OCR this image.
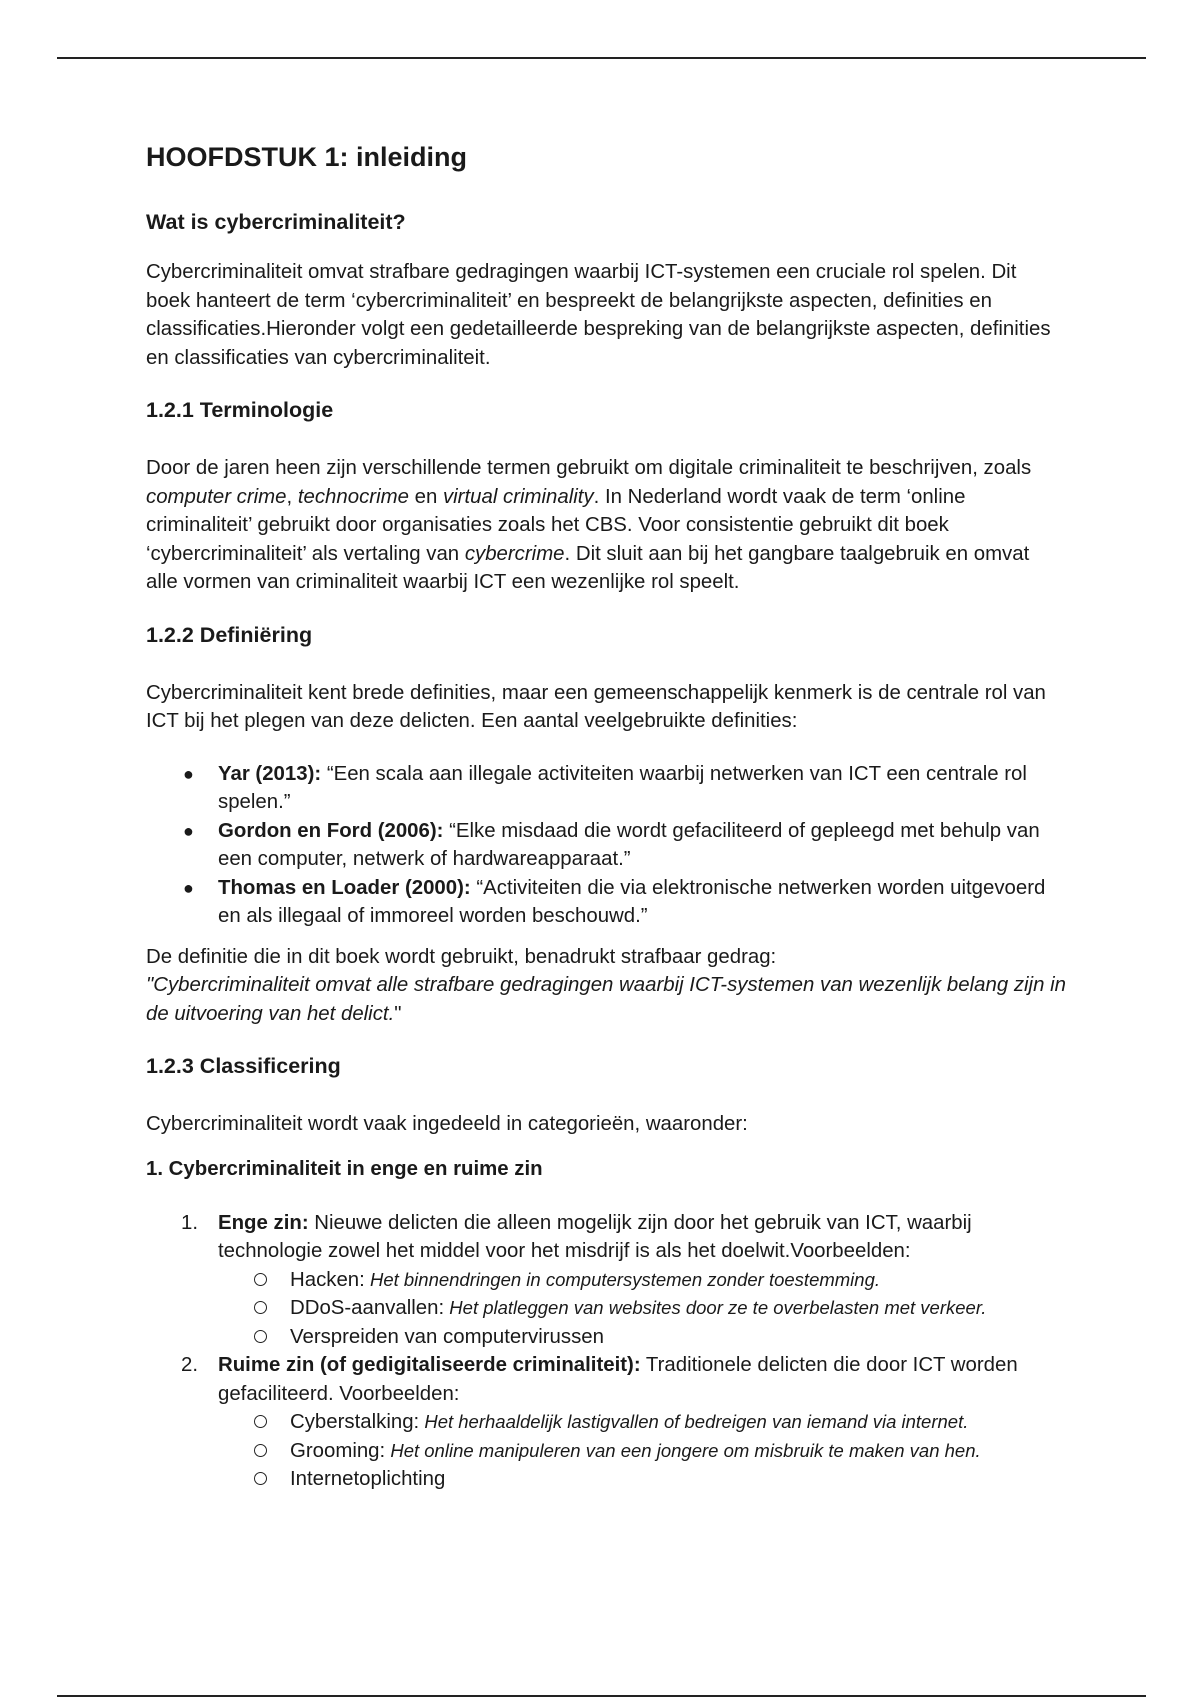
HOOFDSTUK 1: inleiding
Wat is cybercriminaliteit?

Cybercriminaliteit omvat strafbare gedragingen waarbij ICT-systemen een cruciale rol spelen. Dit boek hanteert de term ‘cybercriminaliteit’ en bespreekt de belangrijkste aspecten, definities en classificaties.Hieronder volgt een gedetailleerde bespreking van de belangrijkste aspecten, definities en classificaties van cybercriminaliteit.

1.2.1 Terminologie

Door de jaren heen zijn verschillende termen gebruikt om digitale criminaliteit te beschrijven, zoals computer crime, technocrime en virtual criminality. In Nederland wordt vaak de term ‘online criminaliteit’ gebruikt door organisaties zoals het CBS. Voor consistentie gebruikt dit boek ‘cybercriminaliteit’ als vertaling van cybercrime. Dit sluit aan bij het gangbare taalgebruik en omvat alle vormen van criminaliteit waarbij ICT een wezenlijke rol speelt.

1.2.2 Definiëring

Cybercriminaliteit kent brede definities, maar een gemeenschappelijk kenmerk is de centrale rol van ICT bij het plegen van deze delicten. Een aantal veelgebruikte definities:

● Yar (2013): “Een scala aan illegale activiteiten waarbij netwerken van ICT een centrale rol spelen.”
● Gordon en Ford (2006): “Elke misdaad die wordt gefaciliteerd of gepleegd met behulp van een computer, netwerk of hardwareapparaat.”
● Thomas en Loader (2000): “Activiteiten die via elektronische netwerken worden uitgevoerd en als illegaal of immoreel worden beschouwd.”

De definitie die in dit boek wordt gebruikt, benadrukt strafbaar gedrag:
"Cybercriminaliteit omvat alle strafbare gedragingen waarbij ICT-systemen van wezenlijk belang zijn in de uitvoering van het delict."

1.2.3 Classificering

Cybercriminaliteit wordt vaak ingedeeld in categorieën, waaronder:

1. Cybercriminaliteit in enge en ruime zin
1. Enge zin: Nieuwe delicten die alleen mogelijk zijn door het gebruik van ICT, waarbij technologie zowel het middel voor het misdrijf is als het doelwit.Voorbeelden:
Hacken: Het binnendringen in computersystemen zonder toestemming.
DDoS-aanvallen: Het platleggen van websites door ze te overbelasten met verkeer.
Verspreiden van computervirussen
2. Ruime zin (of gedigitaliseerde criminaliteit): Traditionele delicten die door ICT worden gefaciliteerd. Voorbeelden:
Cyberstalking: Het herhaaldelijk lastigvallen of bedreigen van iemand via internet.
Grooming: Het online manipuleren van een jongere om misbruik te maken van hen.
Internetoplichting
